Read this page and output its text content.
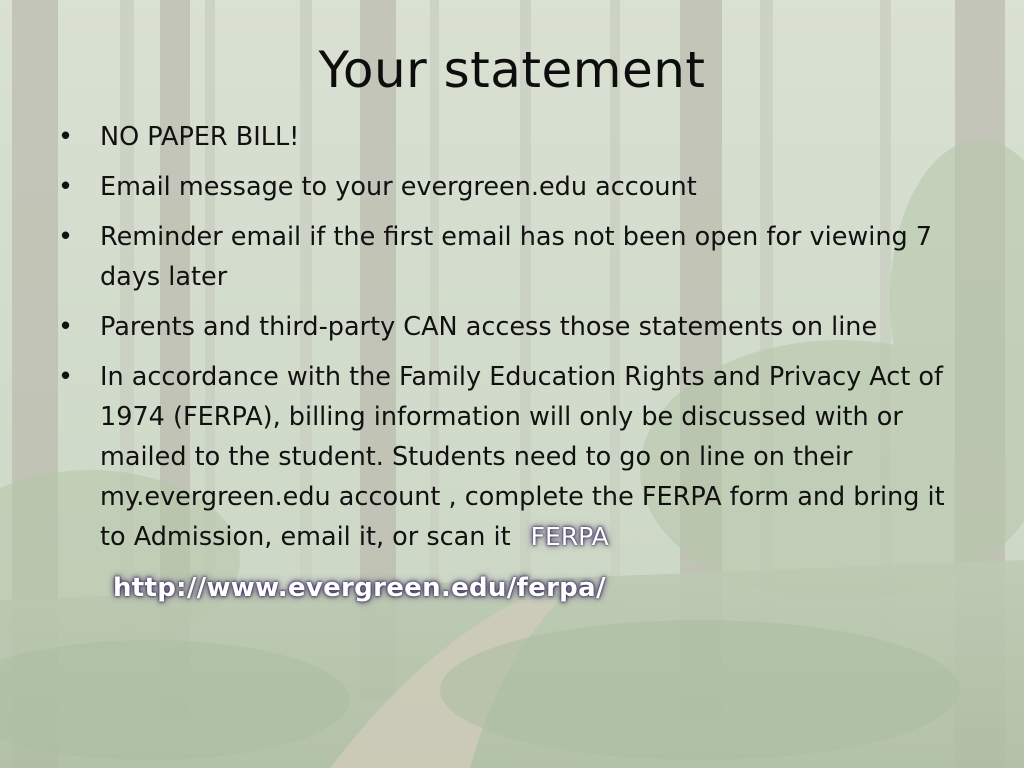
Your statement
• NO PAPER BILL!
• Email message to your evergreen.edu account
• Reminder email if the first email has not been open for viewing 7 days later
• Parents and third-party CAN access those statements on line
• In accordance with the Family Education Rights and Privacy Act of 1974 (FERPA), billing information will only be discussed with or mailed to the student. Students need to go on line on their my.evergreen.edu account , complete the FERPA form and bring it to Admission, email it, or scan it FERPA
http://www.evergreen.edu/ferpa/
